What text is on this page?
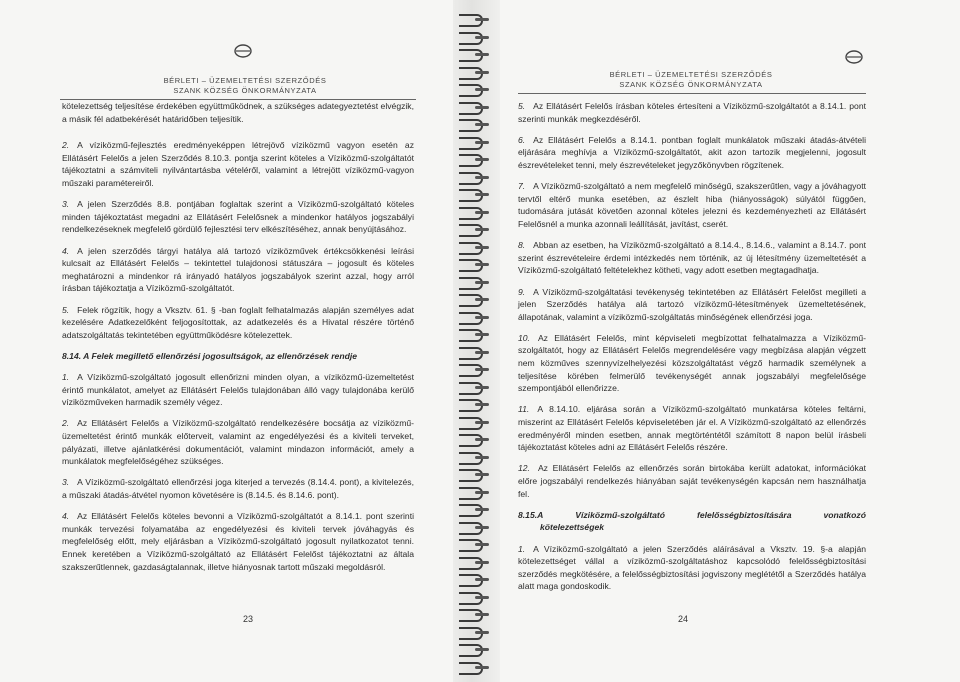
BÉRLETI – ÜZEMELTETÉSI SZERZŐDÉS
SZANK KÖZSÉG ÖNKORMÁNYZATA

kötelezettség teljesítése érdekében együttműködnek, a szükséges adategyeztetést elvégzik, a másik fél adatbekérését határidőben teljesítik.

2. A víziközmű-fejlesztés eredményeképpen létrejövő víziközmű vagyon esetén az Ellátásért Felelős a jelen Szerződés 8.10.3. pontja szerint köteles a Víziközmű-szolgáltatót tájékoztatni a számviteli nyilvántartásba vételéről, valamint a létrejött víziközmű-vagyon műszaki paramétereiről.

3. A jelen Szerződés 8.8. pontjában foglaltak szerint a Víziközmű-szolgáltató köteles minden tájékoztatást megadni az Ellátásért Felelősnek a mindenkor hatályos jogszabályi rendelkezéseknek megfelelő gördülő fejlesztési terv elkészítéséhez, annak benyújtásához.

4. A jelen szerződés tárgyi hatálya alá tartozó víziközművek értékcsökkenési leírási kulcsait az Ellátásért Felelős – tekintettel tulajdonosi státuszára – jogosult és köteles meghatározni a mindenkor rá irányadó hatályos jogszabályok szerint azzal, hogy arról írásban tájékoztatja a Víziközmű-szolgáltatót.

5. Felek rögzítik, hogy a Vksztv. 61. § -ban foglalt felhatalmazás alapján személyes adat kezelésére Adatkezelőként feljogosítottak, az adatkezelés és a Hivatal részére történő adatszolgáltatás tekintetében együttműködésre kötelezettek.

8.14. A Felek megillető ellenőrzési jogosultságok, az ellenőrzések rendje

1. A Víziközmű-szolgáltató jogosult ellenőrizni minden olyan, a víziközmű-üzemeltetést érintő munkálatot, amelyet az Ellátásért Felelős tulajdonában álló vagy tulajdonába kerülő víziközműveken harmadik személy végez.

2. Az Ellátásért Felelős a Víziközmű-szolgáltató rendelkezésére bocsátja az víziközmű-üzemeltetést érintő munkák előterveit, valamint az engedélyezési és a kiviteli terveket, pályázati, illetve ajánlatkérési dokumentációt, valamint mindazon információt, amely a munkálatok megfelelőségéhez szükséges.

3. A Víziközmű-szolgáltató ellenőrzési joga kiterjed a tervezés (8.14.4. pont), a kivitelezés, a műszaki átadás-átvétel nyomon követésére is (8.14.5. és 8.14.6. pont).

4. Az Ellátásért Felelős köteles bevonni a Víziközmű-szolgáltatót a 8.14.1. pont szerinti munkák tervezési folyamatába az engedélyezési és kiviteli tervek jóváhagyás és megfelelőség előtt, mely eljárásban a Víziközmű-szolgáltató jogosult nyilatkozatot tenni. Ennek keretében a Víziközmű-szolgáltató az Ellátásért Felelőst tájékoztatni az általa szakszerűtlennek, gazdaságtalannak, illetve hiányosnak tartott műszaki megoldásról.

23
BÉRLETI – ÜZEMELTETÉSI SZERZŐDÉS
SZANK KÖZSÉG ÖNKORMÁNYZATA

5. Az Ellátásért Felelős írásban köteles értesíteni a Víziközmű-szolgáltatót a 8.14.1. pont szerinti munkák megkezdéséről.

6. Az Ellátásért Felelős a 8.14.1. pontban foglalt munkálatok műszaki átadás-átvételi eljárására meghívja a Víziközmű-szolgáltatót, akit azon tartozik megjelenni, jogosult észrevételeket tenni, mely észrevételeket jegyzőkönyvben rögzítenek.

7. A Víziközmű-szolgáltató a nem megfelelő minőségű, szakszerűtlen, vagy a jóváhagyott tervtől eltérő munka esetében, az észlelt hiba (hiányosságok) súlyától függően, tudomására jutását követően azonnal köteles jelezni és kezdeményezheti az Ellátásért Felelősnél a munka azonnali leállítását, javítást, cserét.

8. Abban az esetben, ha Víziközmű-szolgáltató a 8.14.4., 8.14.6., valamint a 8.14.7. pont szerint észrevételeire érdemi intézkedés nem történik, az új létesítmény üzemeltetését a Víziközmű-szolgáltató feltételekhez kötheti, vagy adott esetben megtagadhatja.

9. A Víziközmű-szolgáltatási tevékenység tekintetében az Ellátásért Felelőst megilleti a jelen Szerződés hatálya alá tartozó víziközmű-létesítmények üzemeltetésének, állapotának, valamint a víziközmű-szolgáltatás minőségének ellenőrzési joga.

10. Az Ellátásért Felelős, mint képviseleti megbízottat felhatalmazza a Víziközmű-szolgáltatót, hogy az Ellátásért Felelős megrendelésére vagy megbízása alapján végzett nem közműves szennyvízelhelyezési közszolgáltatást végző harmadik személynek a teljesítése körében felmerülő tevékenységét annak jogszabályi megfelelősége szempontjából ellenőrizze.

11. A 8.14.10. eljárása során a Víziközmű-szolgáltató munkatársa köteles feltárni, miszerint az Ellátásért Felelős képviseletében jár el. A Víziközmű-szolgáltató az ellenőrzés eredményéről minden esetben, annak megtörténtétől számított 8 napon belül írásbeli tájékoztatást köteles adni az Ellátásért Felelős részére.

12. Az Ellátásért Felelős az ellenőrzés során birtokába került adatokat, információkat előre jogszabályi rendelkezés hiányában saját tevékenységén kapcsán nem használhatja fel.

8.15.A	Víziközmű-szolgáltató	felelősségbiztosítására	vonatkozó
kötelezettségek

1. A Víziközmű-szolgáltató a jelen Szerződés aláírásával a Vksztv. 19. §-a alapján kötelezettséget vállal a víziközmű-szolgáltatáshoz kapcsolódó felelősségbiztosítási szerződés megkötésére, a felelősségbiztosítási jogviszony meglététől a Szerződés hatálya alatt maga gondoskodik.

24
